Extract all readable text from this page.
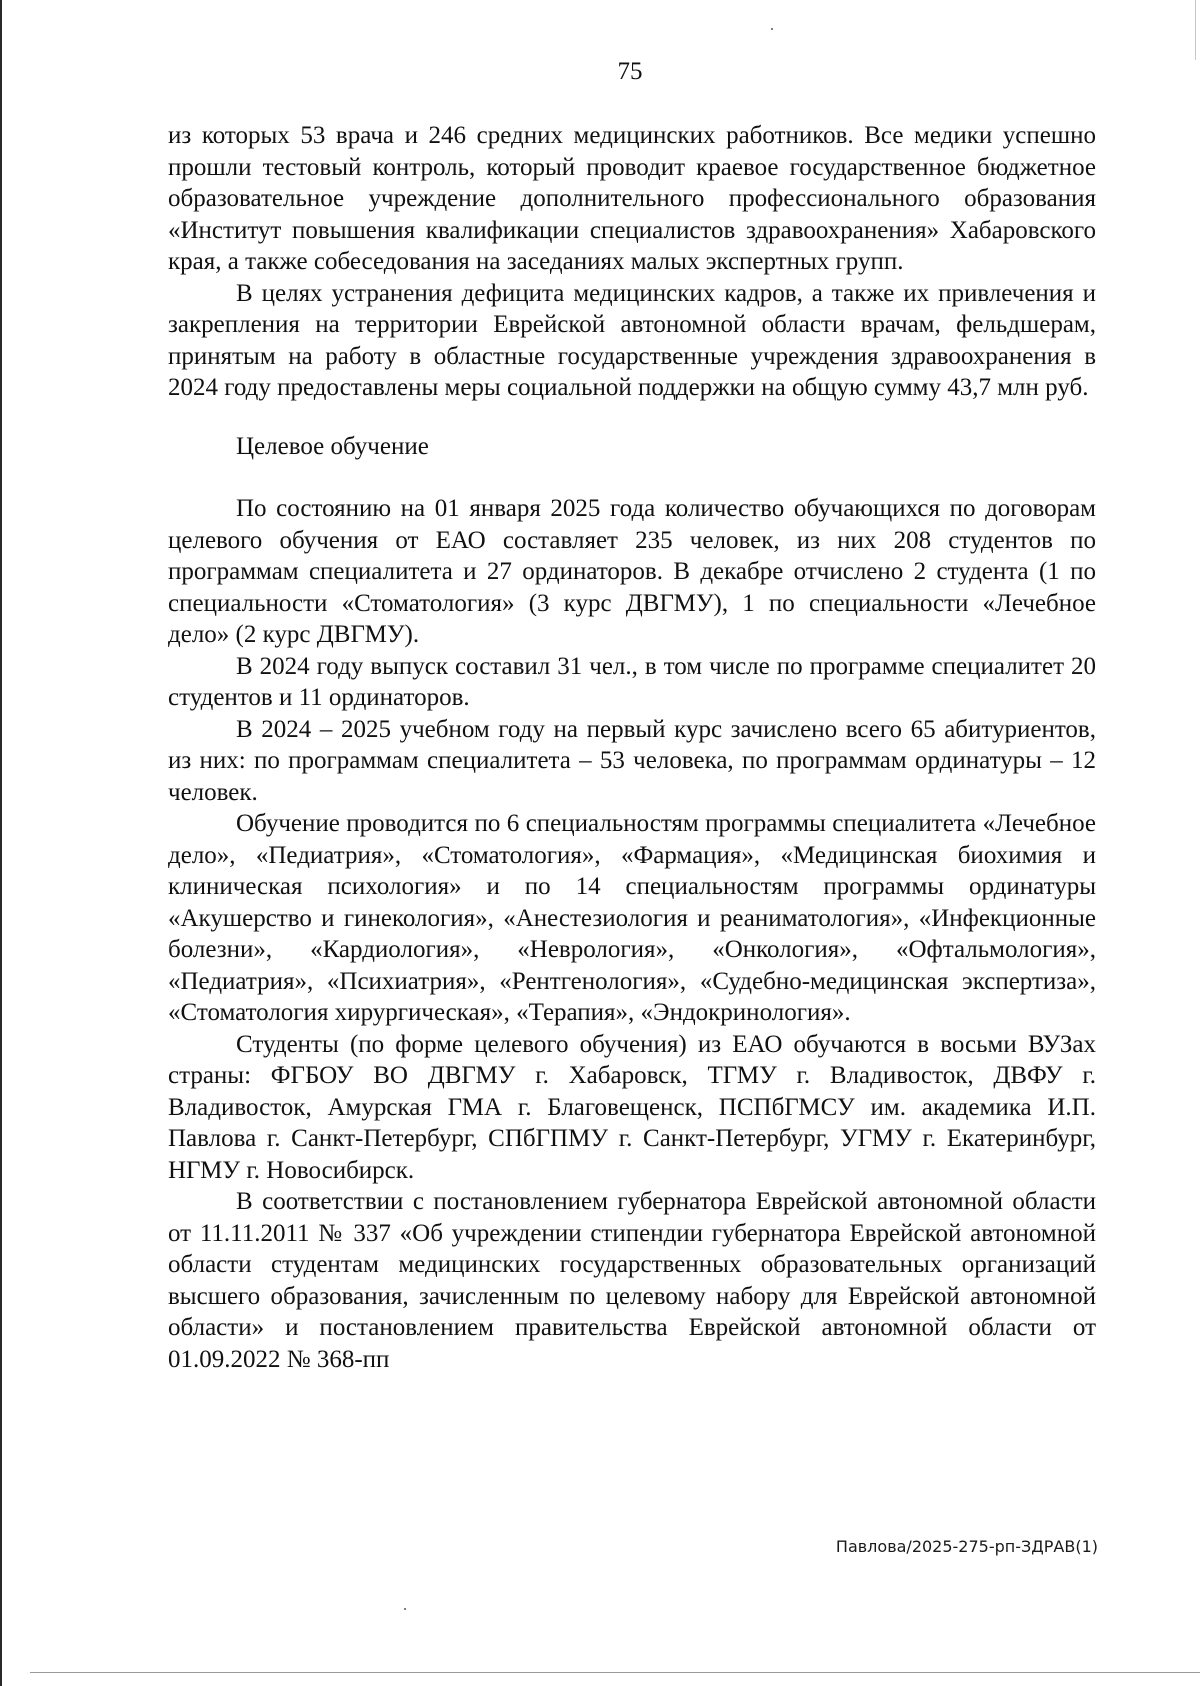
75

из которых 53 врача и 246 средних медицинских работников. Все медики успешно прошли тестовый контроль, который проводит краевое государственное бюджетное образовательное учреждение дополнительного профессионального образования «Институт повышения квалификации специалистов здравоохранения» Хабаровского края, а также собеседования на заседаниях малых экспертных групп.

В целях устранения дефицита медицинских кадров, а также их привлечения и закрепления на территории Еврейской автономной области врачам, фельдшерам, принятым на работу в областные государственные учреждения здравоохранения в 2024 году предоставлены меры социальной поддержки на общую сумму 43,7 млн руб.

Целевое обучение

По состоянию на 01 января 2025 года количество обучающихся по договорам целевого обучения от ЕАО составляет 235 человек, из них 208 студентов по программам специалитета и 27 ординаторов. В декабре отчислено 2 студента (1 по специальности «Стоматология» (3 курс ДВГМУ), 1 по специальности «Лечебное дело» (2 курс ДВГМУ).

В 2024 году выпуск составил 31 чел., в том числе по программе специалитет 20 студентов и 11 ординаторов.

В 2024 – 2025 учебном году на первый курс зачислено всего 65 абитуриентов, из них: по программам специалитета – 53 человека, по программам ординатуры – 12 человек.

Обучение проводится по 6 специальностям программы специалитета «Лечебное дело», «Педиатрия», «Стоматология», «Фармация», «Медицинская биохимия и клиническая психология» и по 14 специальностям программы ординатуры «Акушерство и гинекология», «Анестезиология и реаниматология», «Инфекционные болезни», «Кардиология», «Неврология», «Онкология», «Офтальмология», «Педиатрия», «Психиатрия», «Рентгенология», «Судебно-медицинская экспертиза», «Стоматология хирургическая», «Терапия», «Эндокринология».

Студенты (по форме целевого обучения) из ЕАО обучаются в восьми ВУЗах страны: ФГБОУ ВО ДВГМУ г. Хабаровск, ТГМУ г. Владивосток, ДВФУ г. Владивосток, Амурская ГМА г. Благовещенск, ПСПбГМСУ им. академика И.П. Павлова г. Санкт-Петербург, СПбГПМУ г. Санкт-Петербург, УГМУ г. Екатеринбург, НГМУ г. Новосибирск.

В соответствии с постановлением губернатора Еврейской автономной области от 11.11.2011 № 337 «Об учреждении стипендии губернатора Еврейской автономной области студентам медицинских государственных образовательных организаций высшего образования, зачисленным по целевому набору для Еврейской автономной области» и постановлением правительства Еврейской автономной области от 01.09.2022 № 368-пп

Павлова/2025-275-рп-ЗДРАВ(1)
